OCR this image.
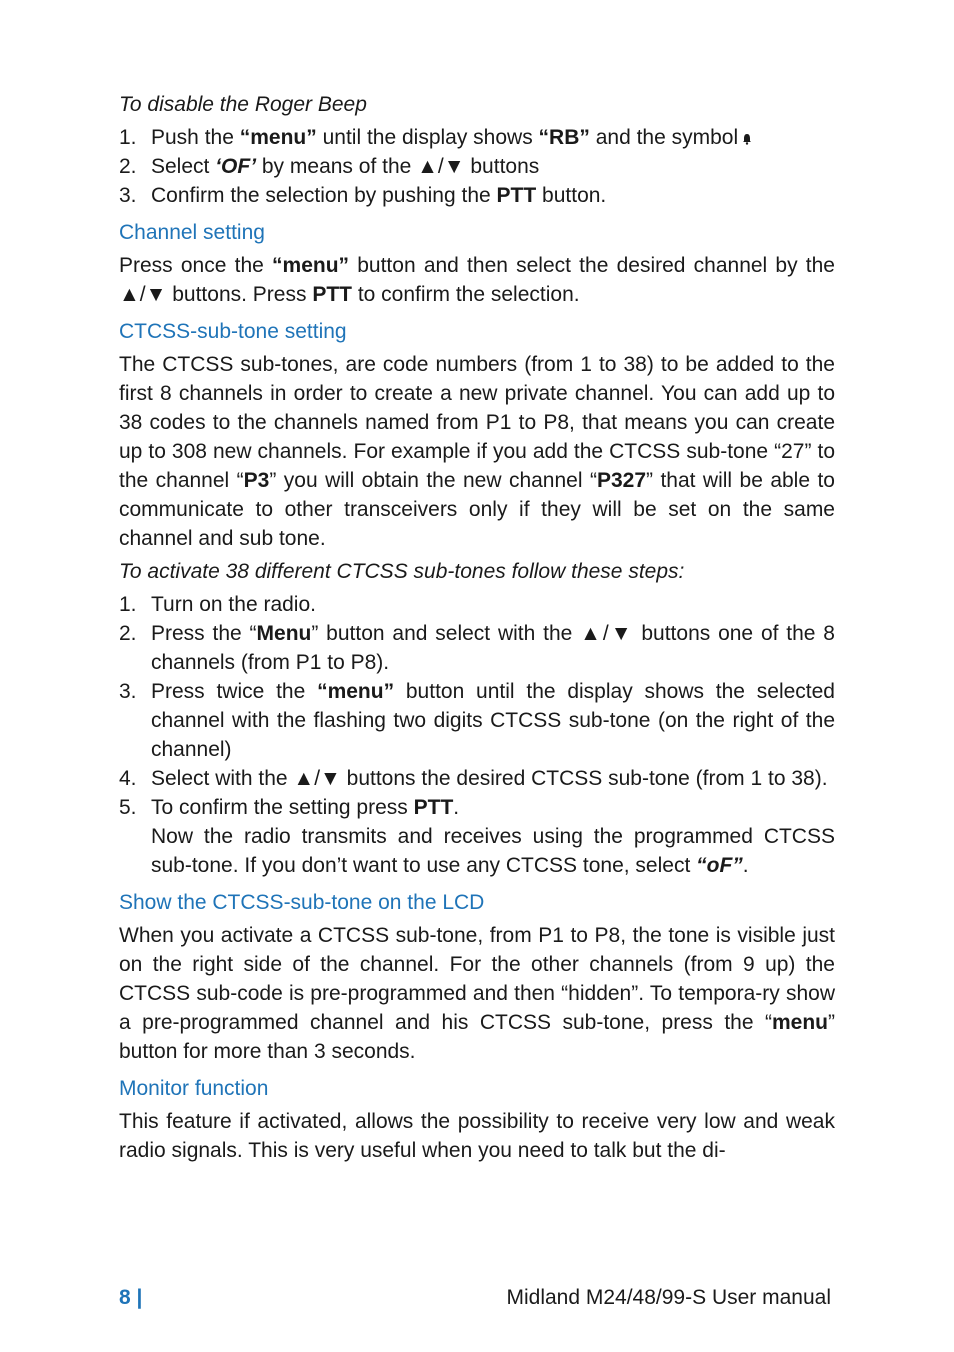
To disable the Roger Beep
1. Push the “menu” until the display shows “RB” and the symbol
2. Select ‘OF’ by means of the ▲/▼ buttons
3. Confirm the selection by pushing the PTT button.
Channel setting

Press once the “menu” button and then select the desired channel by the ▲/▼ buttons. Press PTT to confirm the selection.

CTCSS-sub-tone setting

The CTCSS sub-tones, are code numbers (from 1 to 38) to be added to the first 8 channels in order to create a new private channel. You can add up to 38 codes to the channels named from P1 to P8, that means you can create up to 308 new channels. For example if you add the CTCSS sub-tone “27” to the channel “P3” you will obtain the new channel “P327” that will be able to communicate to other transceivers only if they will be set on the same channel and sub tone.

To activate 38 different CTCSS sub-tones follow these steps:
1. Turn on the radio.
2. Press the “Menu” button and select with the ▲/▼ buttons one of the 8 channels (from P1 to P8).
3. Press twice the “menu” button until the display shows the selected channel with the flashing two digits CTCSS sub-tone (on the right of the channel)
4. Select with the ▲/▼ buttons the desired CTCSS sub-tone (from 1 to 38).
5. To confirm the setting press PTT.
Now the radio transmits and receives using the programmed CTCSS sub-tone. If you don’t want to use any CTCSS tone, select “oF”.
Show the CTCSS-sub-tone on the LCD

When you activate a CTCSS sub-tone, from P1 to P8, the tone is visible just on the right side of the channel. For the other channels (from 9 up) the CTCSS sub-code is pre-programmed and then “hidden”. To tempora-ry show a pre-programmed channel and his CTCSS sub-tone, press the “menu” button for more than 3 seconds.

Monitor function

This feature if activated, allows the possibility to receive very low and weak radio signals. This is very useful when you need to talk but the di-

8 |	Midland M24/48/99-S User manual
